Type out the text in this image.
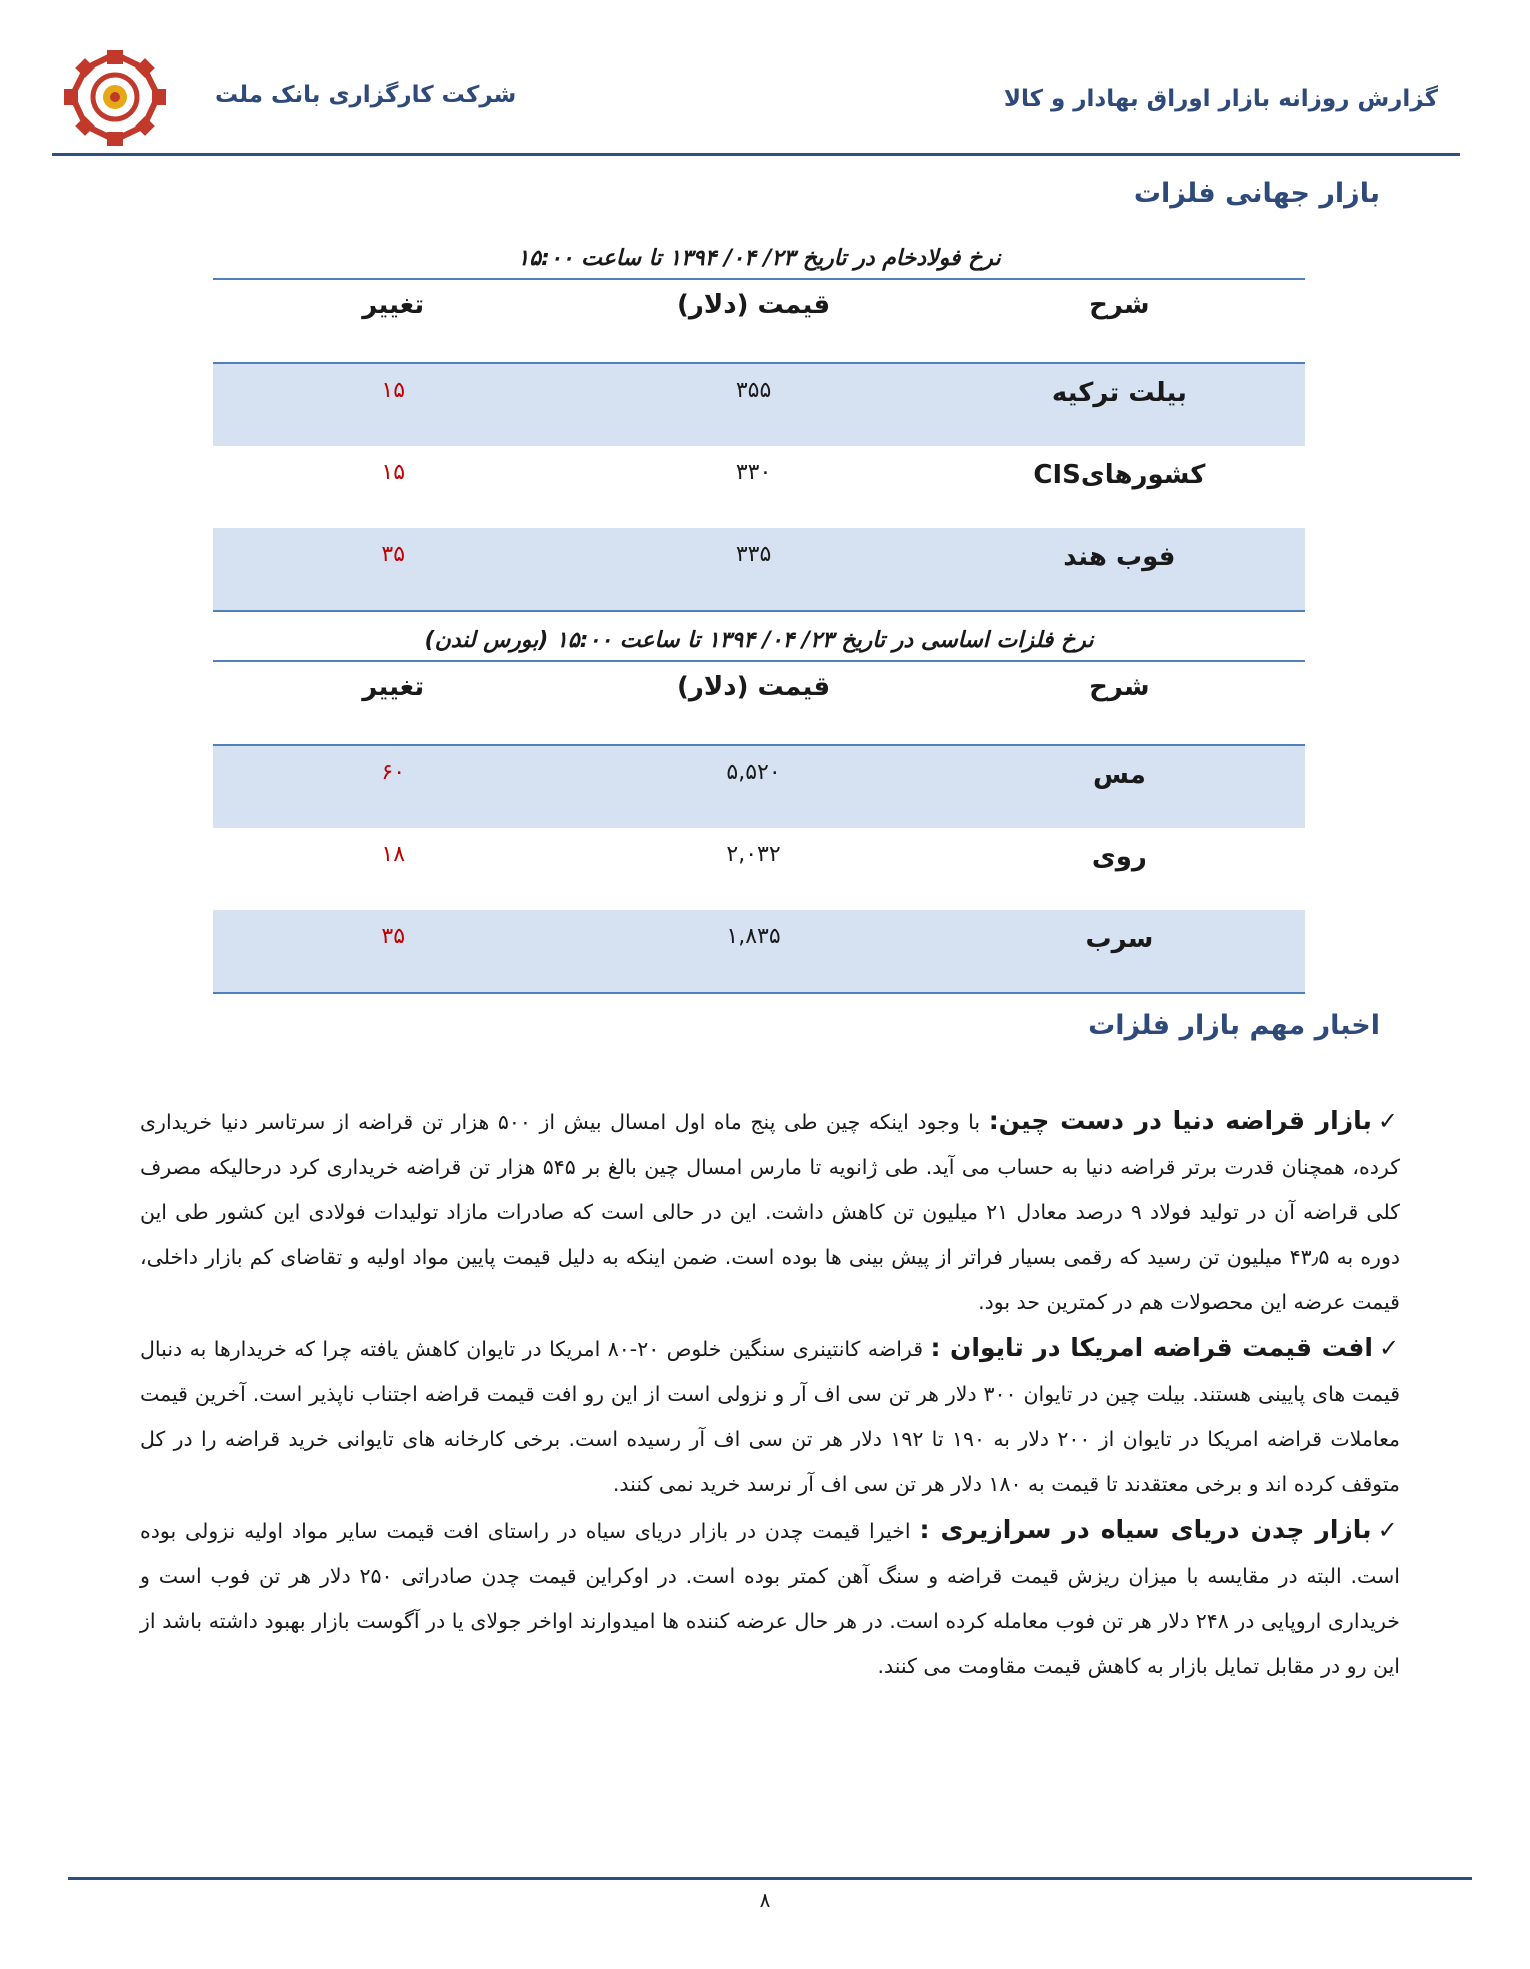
گزارش روزانه بازار اوراق بهادار و کالا
شرکت کارگزاری بانک ملت
بازار جهانی فلزات
نرخ فولادخام در تاریخ ۲۳/ ۰۴/ ۱۳۹۴ تا ساعت ۱۵:۰۰
شرح
قیمت (دلار)
تغییر
بیلت ترکیه
۳۵۵
۱۵
کشورهایCIS
۳۳۰
۱۵
فوب هند
۳۳۵
۳۵
نرخ فلزات اساسی در تاریخ ۲۳/ ۰۴/ ۱۳۹۴ تا ساعت ۱۵:۰۰ (بورس لندن)
شرح
قیمت (دلار)
تغییر
مس
۵,۵۲۰
۶۰
روی
۲,۰۳۲
۱۸
سرب
۱,۸۳۵
۳۵
اخبار مهم بازار فلزات

✓بازار قراضه دنیا در دست چین: با وجود اینکه چین طی پنج ماه اول امسال بیش از ۵۰۰ هزار تن قراضه از سرتاسر دنیا خریداری کرده، همچنان قدرت برتر قراضه دنیا به حساب می آید. طی ژانویه تا مارس امسال چین بالغ بر ۵۴۵ هزار تن قراضه خریداری کرد درحالیکه مصرف کلی قراضه آن در تولید فولاد ۹ درصد معادل ۲۱ میلیون تن کاهش داشت. این در حالی است که صادرات مازاد تولیدات فولادی این کشور طی این دوره به ۴۳٫۵ میلیون تن رسید که رقمی بسیار فراتر از پیش بینی ها بوده است. ضمن اینکه به دلیل قیمت پایین مواد اولیه و تقاضای کم بازار داخلی، قیمت عرضه این محصولات هم در کمترین حد بود.

✓افت قیمت قراضه امریکا در تایوان : قراضه کانتینری سنگین خلوص ۲۰-۸۰ امریکا در تایوان کاهش یافته چرا که خریدارها به دنبال قیمت های پایینی هستند. بیلت چین در تایوان ۳۰۰ دلار هر تن سی اف آر و نزولی است از این رو افت قیمت قراضه اجتناب ناپذیر است. آخرین قیمت معاملات قراضه امریکا در تایوان از ۲۰۰ دلار به ۱۹۰ تا ۱۹۲ دلار هر تن سی اف آر رسیده است. برخی کارخانه های تایوانی خرید قراضه را در کل متوقف کرده اند و برخی معتقدند تا قیمت به ۱۸۰ دلار هر تن سی اف آر نرسد خرید نمی کنند.

✓بازار چدن دریای سیاه در سرازیری : اخیرا قیمت چدن در بازار دریای سیاه در راستای افت قیمت سایر مواد اولیه نزولی بوده است. البته در مقایسه با میزان ریزش قیمت قراضه و سنگ آهن کمتر بوده است. در اوکراین قیمت چدن صادراتی ۲۵۰ دلار هر تن فوب است و خریداری اروپایی در ۲۴۸ دلار هر تن فوب معامله کرده است. در هر حال عرضه کننده ها امیدوارند اواخر جولای یا در آگوست بازار بهبود داشته باشد از این رو در مقابل تمایل بازار به کاهش قیمت مقاومت می کنند.

۸
